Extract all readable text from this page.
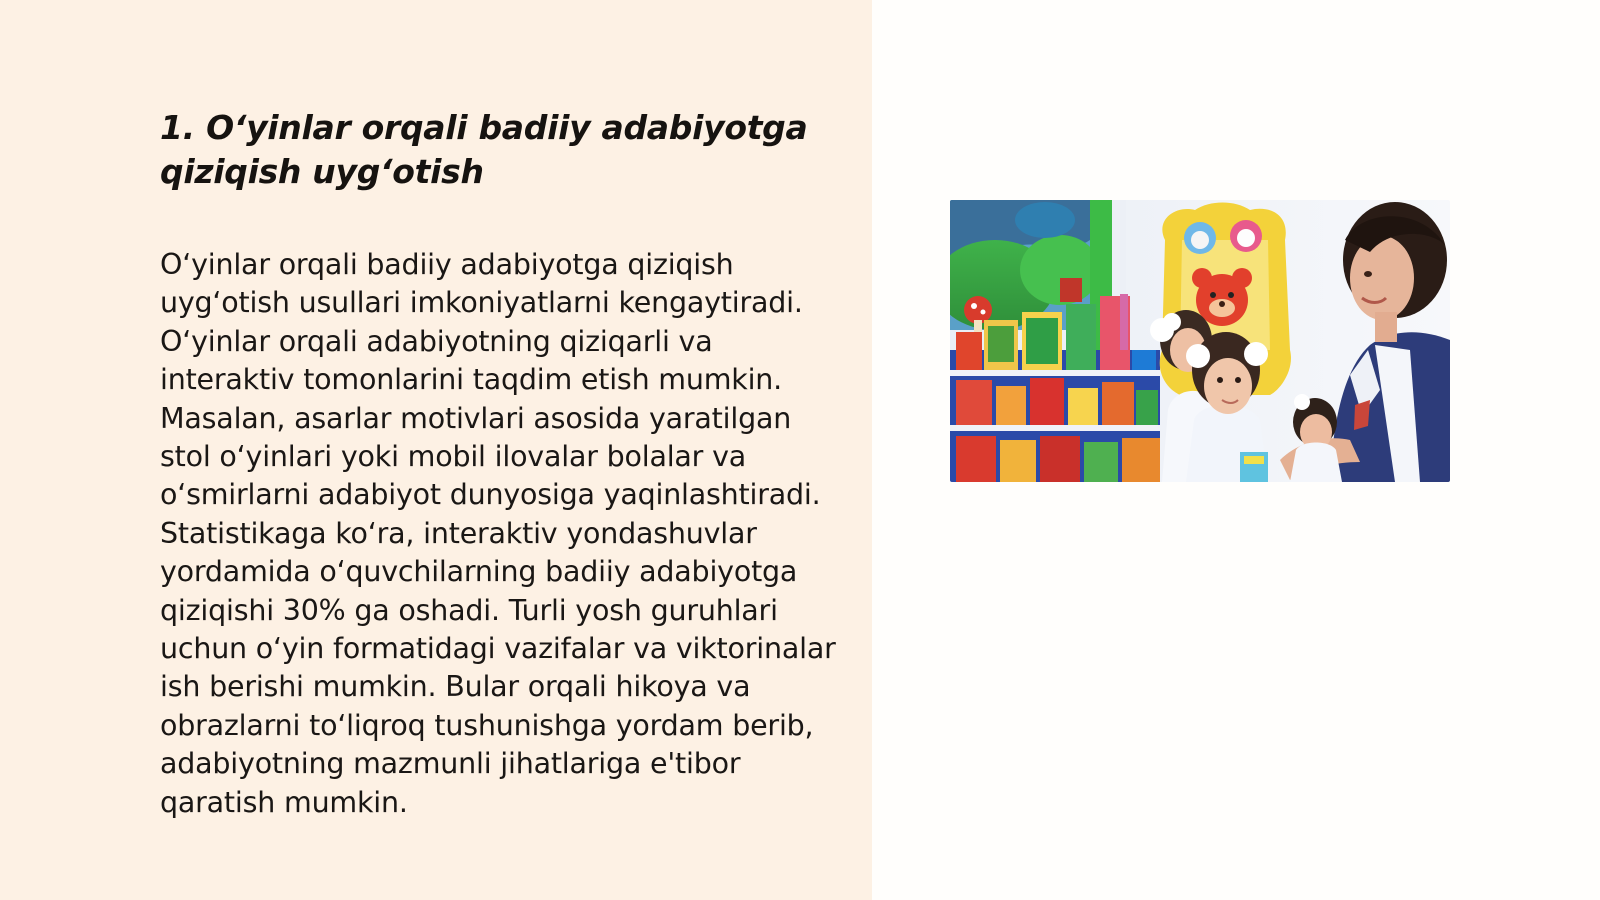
1. O‘yinlar orqali badiiy adabiyotga qiziqish uyg‘otish

O‘yinlar orqali badiiy adabiyotga qiziqish uyg‘otish usullari imkoniyatlarni kengaytiradi. O‘yinlar orqali adabiyotning qiziqarli va interaktiv tomonlarini taqdim etish mumkin. Masalan, asarlar motivlari asosida yaratilgan stol o‘yinlari yoki mobil ilovalar bolalar va o‘smirlarni adabiyot dunyosiga yaqinlashtiradi. Statistikaga ko‘ra, interaktiv yondashuvlar yordamida o‘quvchilarning badiiy adabiyotga qiziqishi 30% ga oshadi. Turli yosh guruhlari uchun o‘yin formatidagi vazifalar va viktorinalar ish berishi mumkin. Bular orqali hikoya va obrazlarni to‘liqroq tushunishga yordam berib, adabiyotning mazmunli jihatlariga e'tibor qaratish mumkin.
